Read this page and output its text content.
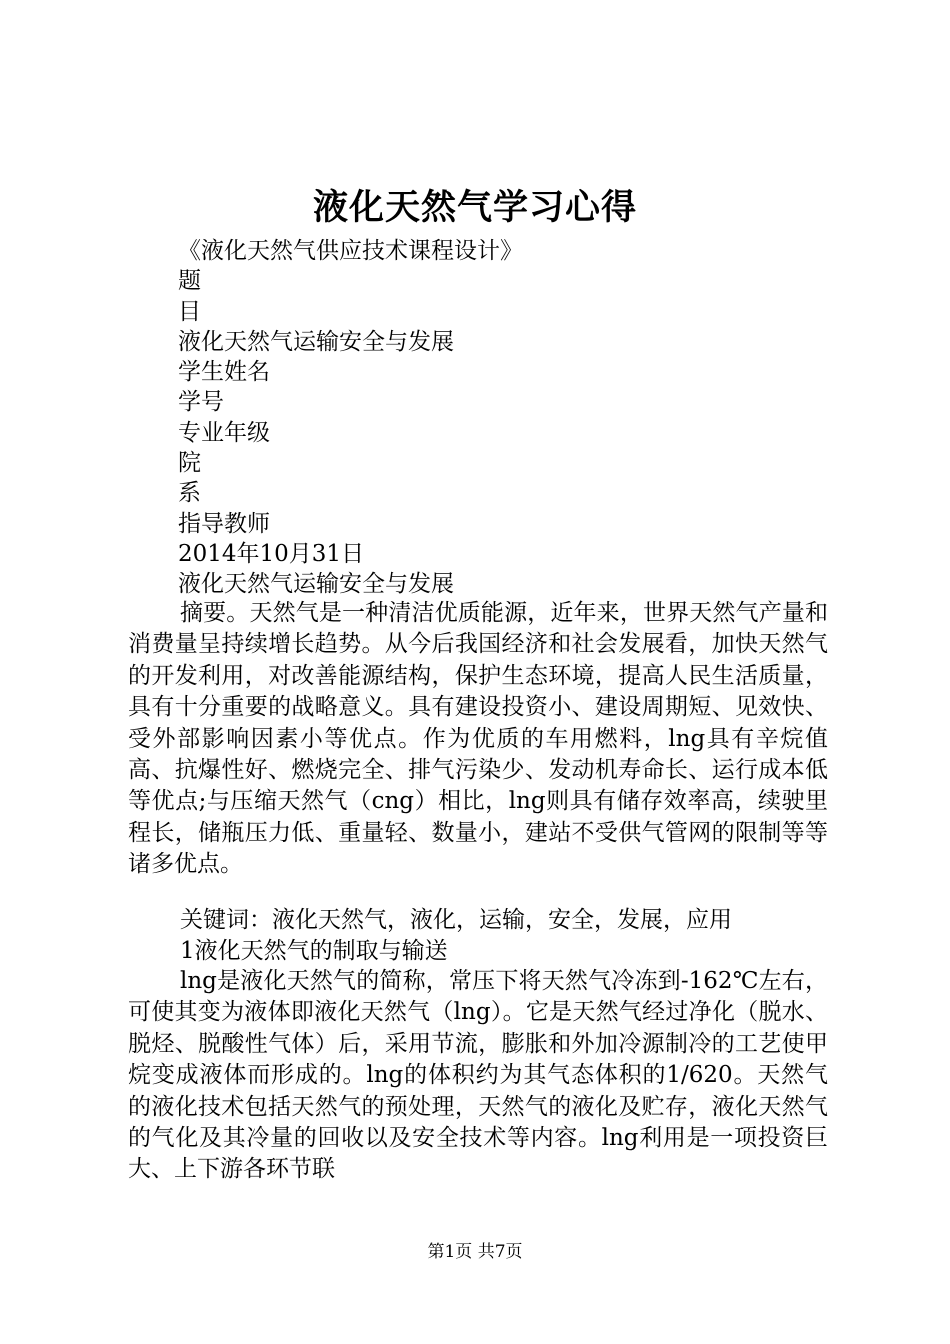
液化天然气学习心得
《液化天然气供应技术课程设计》
题
目
液化天然气运输安全与发展
学生姓名
学号
专业年级
院
系
指导教师
2014年10月31日
液化天然气运输安全与发展

摘要。天然气是一种清洁优质能源，近年来，世界天然气产量和消费量呈持续增长趋势。从今后我国经济和社会发展看，加快天然气的开发利用，对改善能源结构，保护生态环境，提高人民生活质量，具有十分重要的战略意义。具有建设投资小、建设周期短、见效快、受外部影响因素小等优点。作为优质的车用燃料，lng具有辛烷值高、抗爆性好、燃烧完全、排气污染少、发动机寿命长、运行成本低等优点;与压缩天然气（cng）相比，lng则具有储存效率高，续驶里程长，储瓶压力低、重量轻、数量小，建站不受供气管网的限制等等诸多优点。

关键词：液化天然气，液化，运输，安全，发展，应用
1液化天然气的制取与输送

lng是液化天然气的简称，常压下将天然气冷冻到-162℃左右，可使其变为液体即液化天然气（lng）。它是天然气经过净化（脱水、脱烃、脱酸性气体）后，采用节流，膨胀和外加冷源制冷的工艺使甲烷变成液体而形成的。lng的体积约为其气态体积的1/620。天然气的液化技术包括天然气的预处理，天然气的液化及贮存，液化天然气的气化及其冷量的回收以及安全技术等内容。lng利用是一项投资巨大、上下游各环节联

第1页 共7页
